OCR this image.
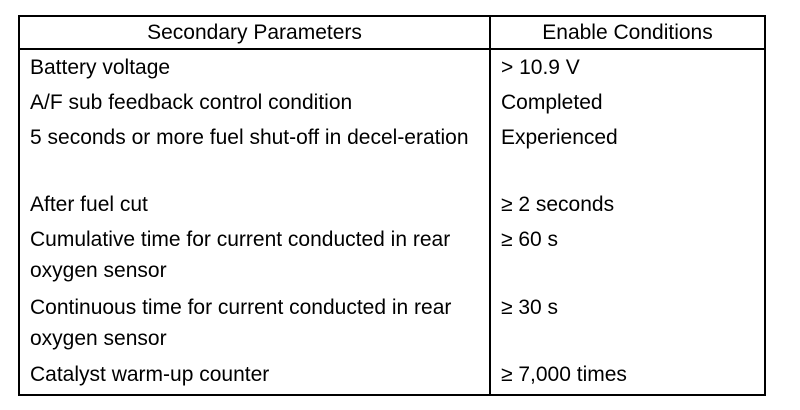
Secondary Parameters	Enable Conditions
Battery voltage	> 10.9 V
A/F sub feedback control condition	Completed
5 seconds or more fuel shut-off in decel-eration	Experienced
After fuel cut	≥ 2 seconds
Cumulative time for current conducted in rear oxygen sensor	≥ 60 s
Continuous time for current conducted in rear oxygen sensor	≥ 30 s
Catalyst warm-up counter	≥ 7,000 times
